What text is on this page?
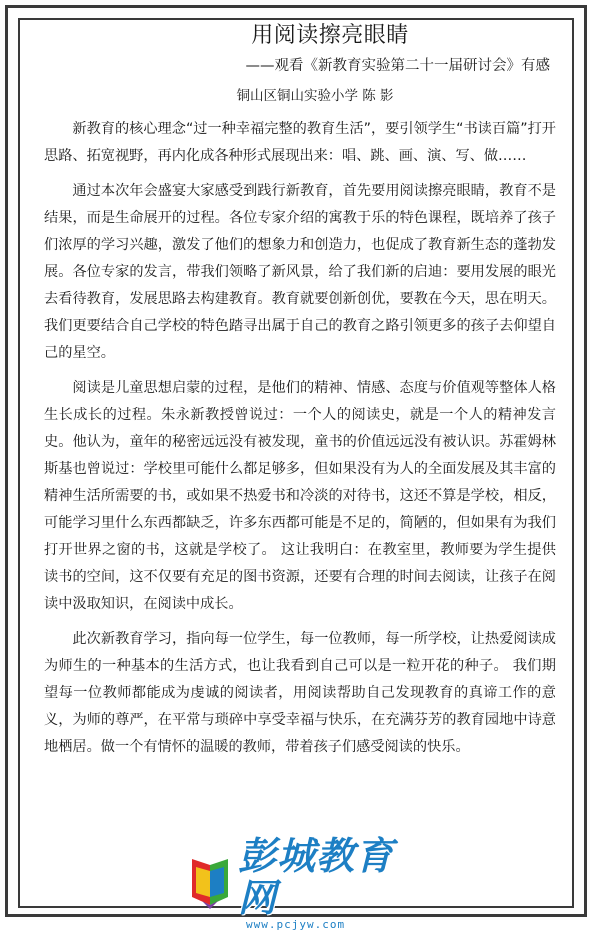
用阅读擦亮眼睛
——观看《新教育实验第二十一届研讨会》有感
铜山区铜山实验小学 陈 影

新教育的核心理念“过一种幸福完整的教育生活”，要引领学生“书读百篇”打开思路、拓宽视野，再内化成各种形式展现出来：唱、跳、画、演、写、做……

通过本次年会盛宴大家感受到践行新教育，首先要用阅读擦亮眼睛，教育不是结果，而是生命展开的过程。各位专家介绍的寓教于乐的特色课程，既培养了孩子们浓厚的学习兴趣，激发了他们的想象力和创造力，也促成了教育新生态的蓬勃发展。各位专家的发言，带我们领略了新风景，给了我们新的启迪：要用发展的眼光去看待教育，发展思路去构建教育。教育就要创新创优，要教在今天，思在明天。我们更要结合自己学校的特色踏寻出属于自己的教育之路引领更多的孩子去仰望自己的星空。

阅读是儿童思想启蒙的过程，是他们的精神、情感、态度与价值观等整体人格生长成长的过程。朱永新教授曾说过：一个人的阅读史，就是一个人的精神发言史。他认为，童年的秘密远远没有被发现，童书的价值远远没有被认识。苏霍姆林斯基也曾说过：学校里可能什么都足够多，但如果没有为人的全面发展及其丰富的精神生活所需要的书，或如果不热爱书和冷淡的对待书，这还不算是学校，相反，可能学习里什么东西都缺乏，许多东西都可能是不足的，简陋的，但如果有为我们打开世界之窗的书，这就是学校了。 这让我明白：在教室里，教师要为学生提供读书的空间，这不仅要有充足的图书资源，还要有合理的时间去阅读，让孩子在阅读中汲取知识，在阅读中成长。

此次新教育学习，指向每一位学生，每一位教师，每一所学校，让热爱阅读成为师生的一种基本的生活方式，也让我看到自己可以是一粒开花的种子。 我们期望每一位教师都能成为虔诚的阅读者，用阅读帮助自己发现教育的真谛工作的意义，为师的尊严，在平常与琐碎中享受幸福与快乐，在充满芬芳的教育园地中诗意地栖居。做一个有情怀的温暖的教师，带着孩子们感受阅读的快乐。

彭城教育网
www.pcjyw.com
